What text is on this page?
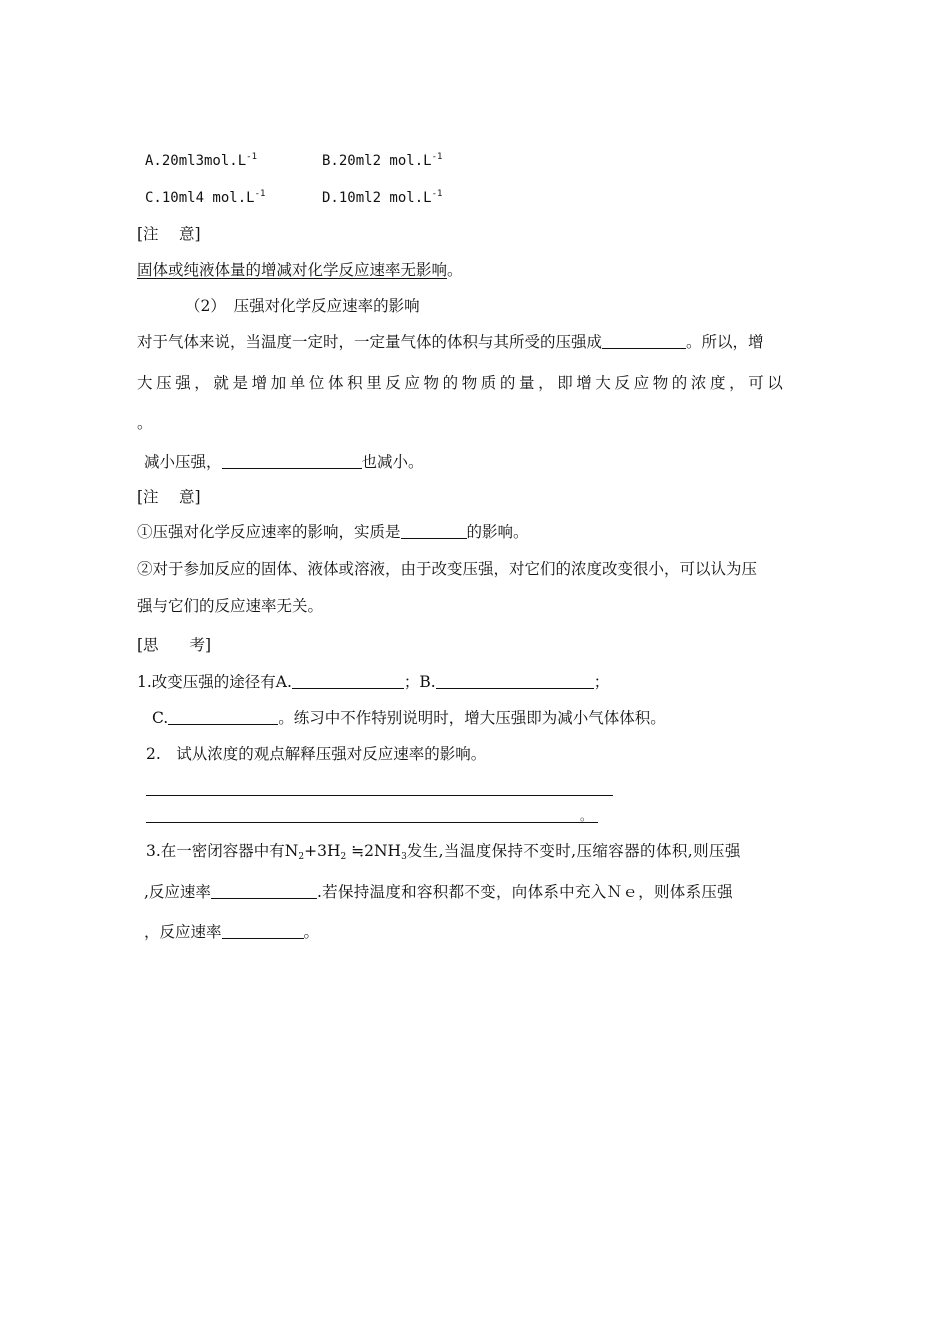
$A.20ml3mol.L^{-1}$	B.20ml2 $mol.L^{-1}$
C.10ml4 $mol.L^{-1}$	D.10ml2 $mol.L^{-1}$
[注　 意]
固体或纯液体量的增减对化学反应速率无影响。
（2）　压强对化学反应速率的影响
对于气体来说，当温度一定时，一定量气体的体积与其所受的压强成	。所以，增
大压强，就是增加单位体积里反应物的物质的量，即增大反应物的浓度，可以
。
减小压强，	也减小。
[注　 意]
①压强对化学反应速率的影响，实质是	的影响。
②对于参加反应的固体、液体或溶液，由于改变压强，对它们的浓度改变很小，可以认为压
强与它们的反应速率无关。
[思　　考]
1.改变压强的途径有A.	；B.	；
C.	。练习中不作特别说明时，增大压强即为减小气体体积。
2.　试从浓度的观点解释压强对反应速率的影响。
。
3.在一密闭容器中有$N_2+3H_2$ $≒2NH_3$发生,当温度保持不变时,压缩容器的体积,则压强
,反应速率	.若保持温度和容积都不变，向体系中充入Ｎｅ，则体系压强
，反应速率	。
